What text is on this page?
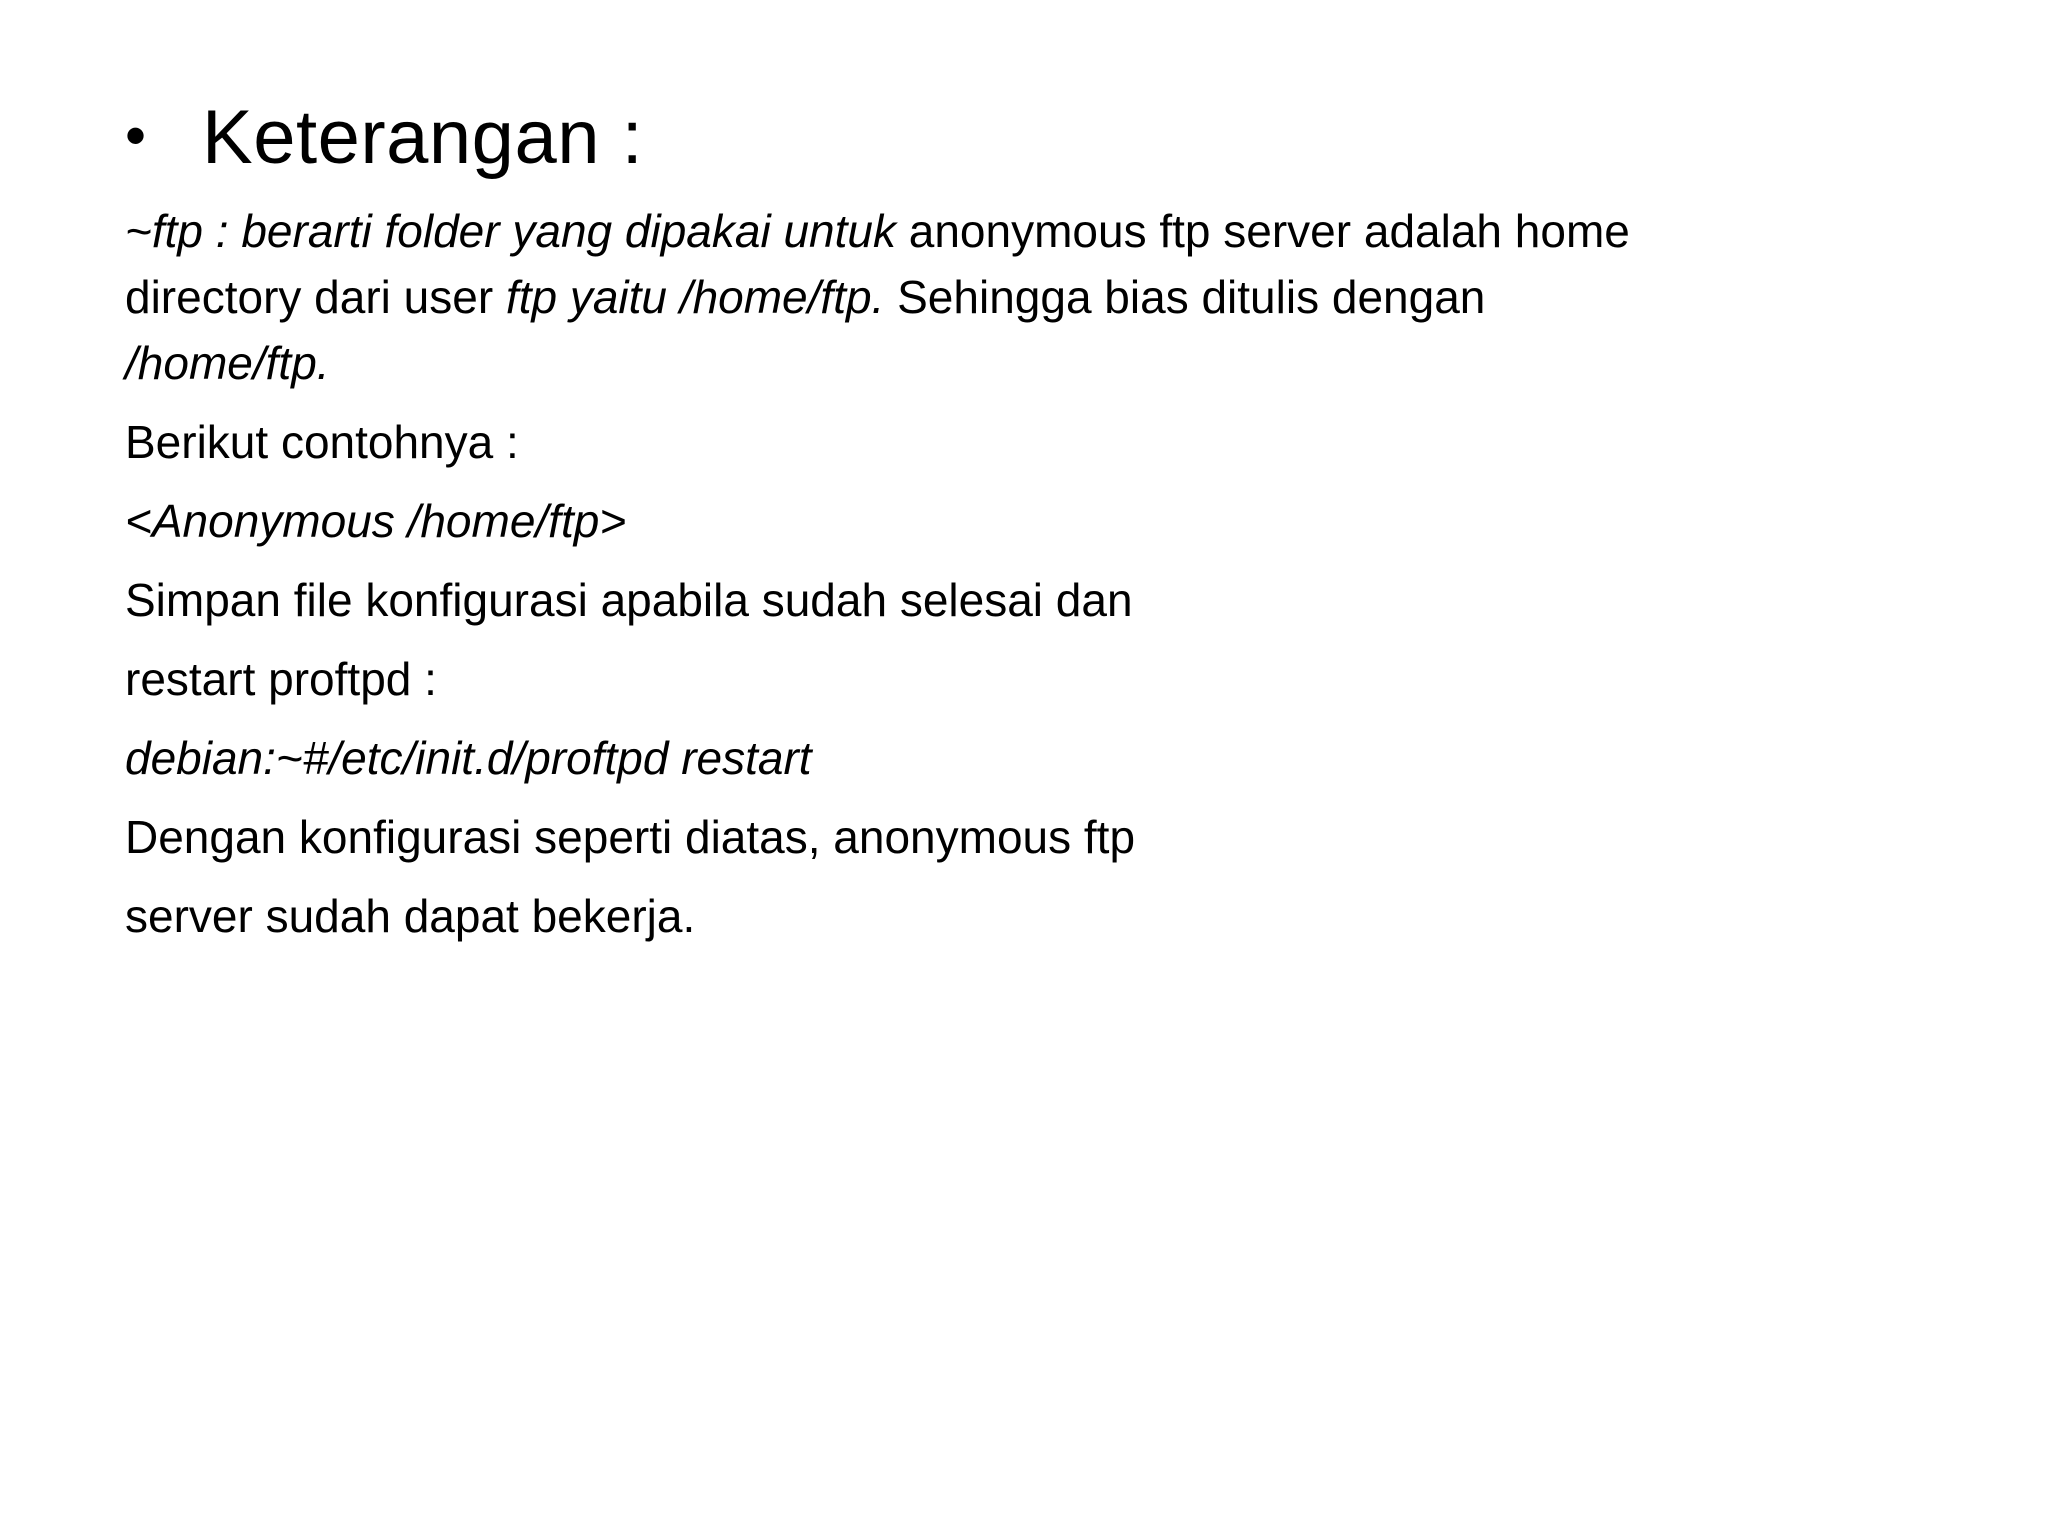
• Keterangan :
~ftp : berarti folder yang dipakai untuk anonymous ftp server adalah home
directory dari user ftp yaitu /home/ftp. Sehingga bias ditulis dengan
/home/ftp.
Berikut contohnya :
<Anonymous /home/ftp>
Simpan file konfigurasi apabila sudah selesai dan
restart proftpd :
debian:~#/etc/init.d/proftpd restart
Dengan konfigurasi seperti diatas, anonymous ftp
server sudah dapat bekerja.
